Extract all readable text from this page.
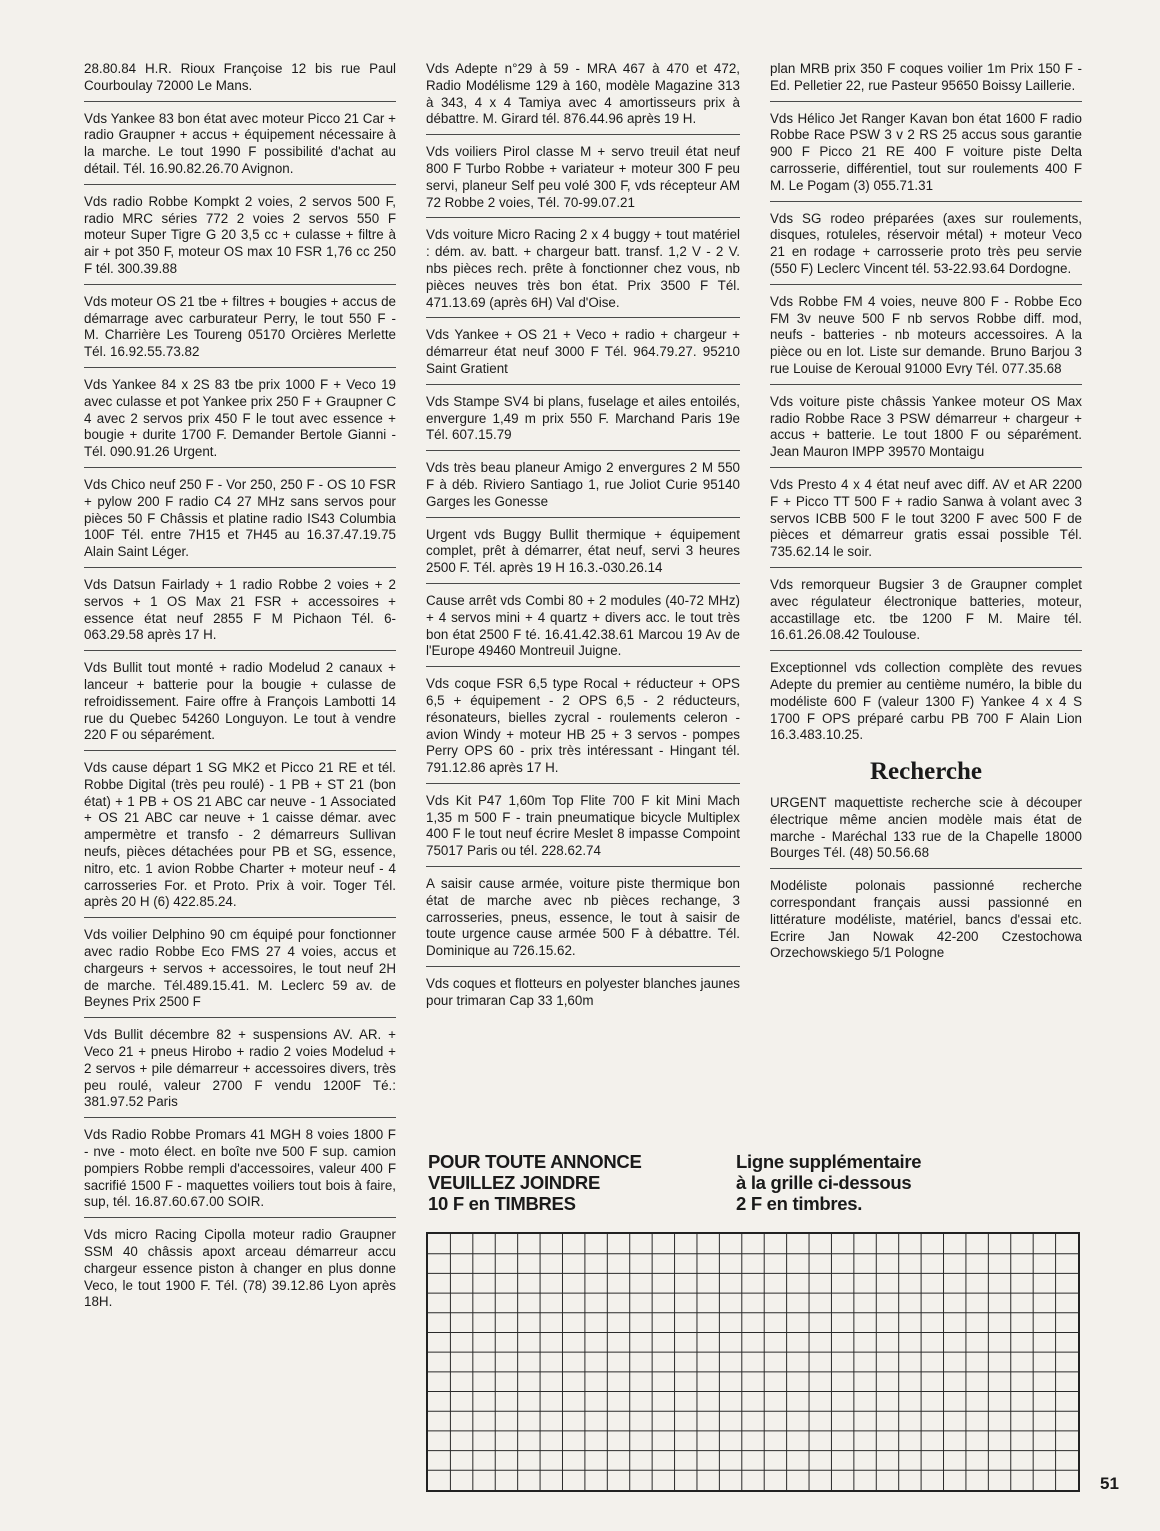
28.80.84 H.R. Rioux Françoise 12 bis rue Paul Courboulay 72000 Le Mans.
Vds Yankee 83 bon état avec moteur Picco 21 Car + radio Graupner + accus + équipement nécessaire à la marche. Le tout 1990 F possibilité d'achat au détail. Tél. 16.90.82.26.70 Avignon.
Vds radio Robbe Kompkt 2 voies, 2 servos 500 F, radio MRC séries 772 2 voies 2 servos 550 F moteur Super Tigre G 20 3,5 cc + culasse + filtre à air + pot 350 F, moteur OS max 10 FSR 1,76 cc 250 F tél. 300.39.88
Vds moteur OS 21 tbe + filtres + bougies + accus de démarrage avec carburateur Perry, le tout 550 F - M. Charrière Les Toureng 05170 Orcières Merlette Tél. 16.92.55.73.82
Vds Yankee 84 x 2S 83 tbe prix 1000 F + Veco 19 avec culasse et pot Yankee prix 250 F + Graupner C 4 avec 2 servos prix 450 F le tout avec essence + bougie + durite 1700 F. Demander Bertole Gianni - Tél. 090.91.26 Urgent.
Vds Chico neuf 250 F - Vor 250, 250 F - OS 10 FSR + pylow 200 F radio C4 27 MHz sans servos pour pièces 50 F Châssis et platine radio IS43 Columbia 100F Tél. entre 7H15 et 7H45 au 16.37.47.19.75 Alain Saint Léger.
Vds Datsun Fairlady + 1 radio Robbe 2 voies + 2 servos + 1 OS Max 21 FSR + accessoires + essence état neuf 2855 F M Pichaon Tél. 6-063.29.58 après 17 H.
Vds Bullit tout monté + radio Modelud 2 canaux + lanceur + batterie pour la bougie + culasse de refroidissement. Faire offre à François Lambotti 14 rue du Quebec 54260 Longuyon. Le tout à vendre 220 F ou séparément.
Vds cause départ 1 SG MK2 et Picco 21 RE et tél. Robbe Digital (très peu roulé) - 1 PB + ST 21 (bon état) + 1 PB + OS 21 ABC car neuve - 1 Associated + OS 21 ABC car neuve + 1 caisse démar. avec ampermètre et transfo - 2 démarreurs Sullivan neufs, pièces détachées pour PB et SG, essence, nitro, etc. 1 avion Robbe Charter + moteur neuf - 4 carrosseries For. et Proto. Prix à voir. Toger Tél. après 20 H (6) 422.85.24.
Vds voilier Delphino 90 cm équipé pour fonctionner avec radio Robbe Eco FMS 27 4 voies, accus et chargeurs + servos + accessoires, le tout neuf 2H de marche. Tél.489.15.41. M. Leclerc 59 av. de Beynes Prix 2500 F
Vds Bullit décembre 82 + suspensions AV. AR. + Veco 21 + pneus Hirobo + radio 2 voies Modelud + 2 servos + pile démarreur + accessoires divers, très peu roulé, valeur 2700 F vendu 1200F Té.: 381.97.52 Paris
Vds Radio Robbe Promars 41 MGH 8 voies 1800 F - nve - moto élect. en boîte nve 500 F sup. camion pompiers Robbe rempli d'accessoires, valeur 400 F sacrifié 1500 F - maquettes voiliers tout bois à faire, sup, tél. 16.87.60.67.00 SOIR.
Vds micro Racing Cipolla moteur radio Graupner SSM 40 châssis apoxt arceau démarreur accu chargeur essence piston à changer en plus donne Veco, le tout 1900 F. Tél. (78) 39.12.86 Lyon après 18H.
Vds Adepte n°29 à 59 - MRA 467 à 470 et 472, Radio Modélisme 129 à 160, modèle Magazine 313 à 343, 4 x 4 Tamiya avec 4 amortisseurs prix à débattre. M. Girard tél. 876.44.96 après 19 H.
Vds voiliers Pirol classe M + servo treuil état neuf 800 F Turbo Robbe + variateur + moteur 300 F peu servi, planeur Self peu volé 300 F, vds récepteur AM 72 Robbe 2 voies, Tél. 70-99.07.21
Vds voiture Micro Racing 2 x 4 buggy + tout matériel : dém. av. batt. + chargeur batt. transf. 1,2 V - 2 V. nbs pièces rech. prête à fonctionner chez vous, nb pièces neuves très bon état. Prix 3500 F Tél. 471.13.69 (après 6H) Val d'Oise.
Vds Yankee + OS 21 + Veco + radio + chargeur + démarreur état neuf 3000 F Tél. 964.79.27. 95210 Saint Gratient
Vds Stampe SV4 bi plans, fuselage et ailes entoilés, envergure 1,49 m prix 550 F. Marchand Paris 19e Tél. 607.15.79
Vds très beau planeur Amigo 2 envergures 2 M 550 F à déb. Riviero Santiago 1, rue Joliot Curie 95140 Garges les Gonesse
Urgent vds Buggy Bullit thermique + équipement complet, prêt à démarrer, état neuf, servi 3 heures 2500 F. Tél. après 19 H 16.3.-030.26.14
Cause arrêt vds Combi 80 + 2 modules (40-72 MHz) + 4 servos mini + 4 quartz + divers acc. le tout très bon état 2500 F té. 16.41.42.38.61 Marcou 19 Av de l'Europe 49460 Montreuil Juigne.
Vds coque FSR 6,5 type Rocal + réducteur + OPS 6,5 + équipement - 2 OPS 6,5 - 2 réducteurs, résonateurs, bielles zycral - roulements celeron - avion Windy + moteur HB 25 + 3 servos - pompes Perry OPS 60 - prix très intéressant - Hingant tél. 791.12.86 après 17 H.
Vds Kit P47 1,60m Top Flite 700 F kit Mini Mach 1,35 m 500 F - train pneumatique bicycle Multiplex 400 F le tout neuf écrire Meslet 8 impasse Compoint 75017 Paris ou tél. 228.62.74
A saisir cause armée, voiture piste thermique bon état de marche avec nb pièces rechange, 3 carrosseries, pneus, essence, le tout à saisir de toute urgence cause armée 500 F à débattre. Tél. Dominique au 726.15.62.
Vds coques et flotteurs en polyester blanches jaunes pour trimaran Cap 33 1,60m
plan MRB prix 350 F coques voilier 1m Prix 150 F - Ed. Pelletier 22, rue Pasteur 95650 Boissy Laillerie.
Vds Hélico Jet Ranger Kavan bon état 1600 F radio Robbe Race PSW 3 v 2 RS 25 accus sous garantie 900 F Picco 21 RE 400 F voiture piste Delta carrosserie, différentiel, tout sur roulements 400 F M. Le Pogam (3) 055.71.31
Vds SG rodeo préparées (axes sur roulements, disques, rotuleles, réservoir métal) + moteur Veco 21 en rodage + carrosserie proto très peu servie (550 F) Leclerc Vincent tél. 53-22.93.64 Dordogne.
Vds Robbe FM 4 voies, neuve 800 F - Robbe Eco FM 3v neuve 500 F nb servos Robbe diff. mod, neufs - batteries - nb moteurs accessoires. A la pièce ou en lot. Liste sur demande. Bruno Barjou 3 rue Louise de Keroual 91000 Evry Tél. 077.35.68
Vds voiture piste châssis Yankee moteur OS Max radio Robbe Race 3 PSW démarreur + chargeur + accus + batterie. Le tout 1800 F ou séparément. Jean Mauron IMPP 39570 Montaigu
Vds Presto 4 x 4 état neuf avec diff. AV et AR 2200 F + Picco TT 500 F + radio Sanwa à volant avec 3 servos ICBB 500 F le tout 3200 F avec 500 F de pièces et démarreur gratis essai possible Tél. 735.62.14 le soir.
Vds remorqueur Bugsier 3 de Graupner complet avec régulateur électronique batteries, moteur, accastillage etc. tbe 1200 F M. Maire tél. 16.61.26.08.42 Toulouse.
Exceptionnel vds collection complète des revues Adepte du premier au centième numéro, la bible du modéliste 600 F (valeur 1300 F) Yankee 4 x 4 S 1700 F OPS préparé carbu PB 700 F Alain Lion 16.3.483.10.25.
Recherche
URGENT maquettiste recherche scie à découper électrique même ancien modèle mais état de marche - Maréchal 133 rue de la Chapelle 18000 Bourges Tél. (48) 50.56.68
Modéliste polonais passionné recherche correspondant français aussi passionné en littérature modéliste, matériel, bancs d'essai etc. Ecrire Jan Nowak 42-200 Czestochowa Orzechowskiego 5/1 Pologne
POUR TOUTE ANNONCE
VEUILLEZ JOINDRE
10 F en TIMBRES
Ligne supplémentaire
à la grille ci-dessous
2 F en timbres.
51
